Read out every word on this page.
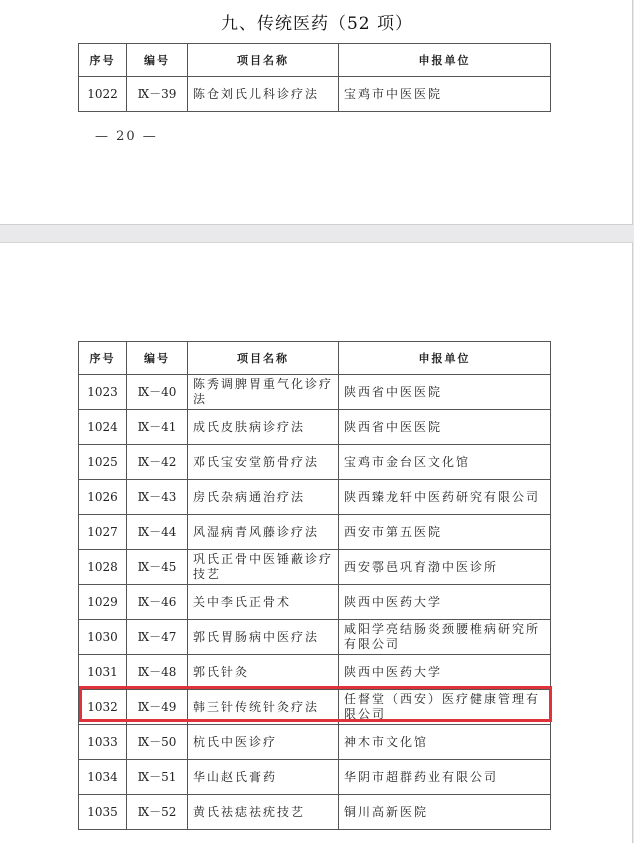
九、传统医药（52 项）
序号	编号	项目名称	申报单位
1022	Ⅸ－39	陈仓刘氏儿科诊疗法	宝鸡市中医医院
— 20 —
序号	编号	项目名称	申报单位
1023	Ⅸ－40	陈秀调脾胃重气化诊疗法	陕西省中医医院
1024	Ⅸ－41	成氏皮肤病诊疗法	陕西省中医医院
1025	Ⅸ－42	邓氏宝安堂筋骨疗法	宝鸡市金台区文化馆
1026	Ⅸ－43	房氏杂病通治疗法	陕西臻龙轩中医药研究有限公司
1027	Ⅸ－44	风湿病青风藤诊疗法	西安市第五医院
1028	Ⅸ－45	巩氏正骨中医锤蔽诊疗技艺	西安鄠邑巩育渤中医诊所
1029	Ⅸ－46	关中李氏正骨术	陕西中医药大学
1030	Ⅸ－47	郭氏胃肠病中医疗法	咸阳学亮结肠炎颈腰椎病研究所有限公司
1031	Ⅸ－48	郭氏针灸	陕西中医药大学
1032	Ⅸ－49	韩三针传统针灸疗法	任督堂（西安）医疗健康管理有限公司
1033	Ⅸ－50	杭氏中医诊疗	神木市文化馆
1034	Ⅸ－51	华山赵氏膏药	华阴市超群药业有限公司
1035	Ⅸ－52	黄氏祛痣祛疣技艺	铜川高新医院
